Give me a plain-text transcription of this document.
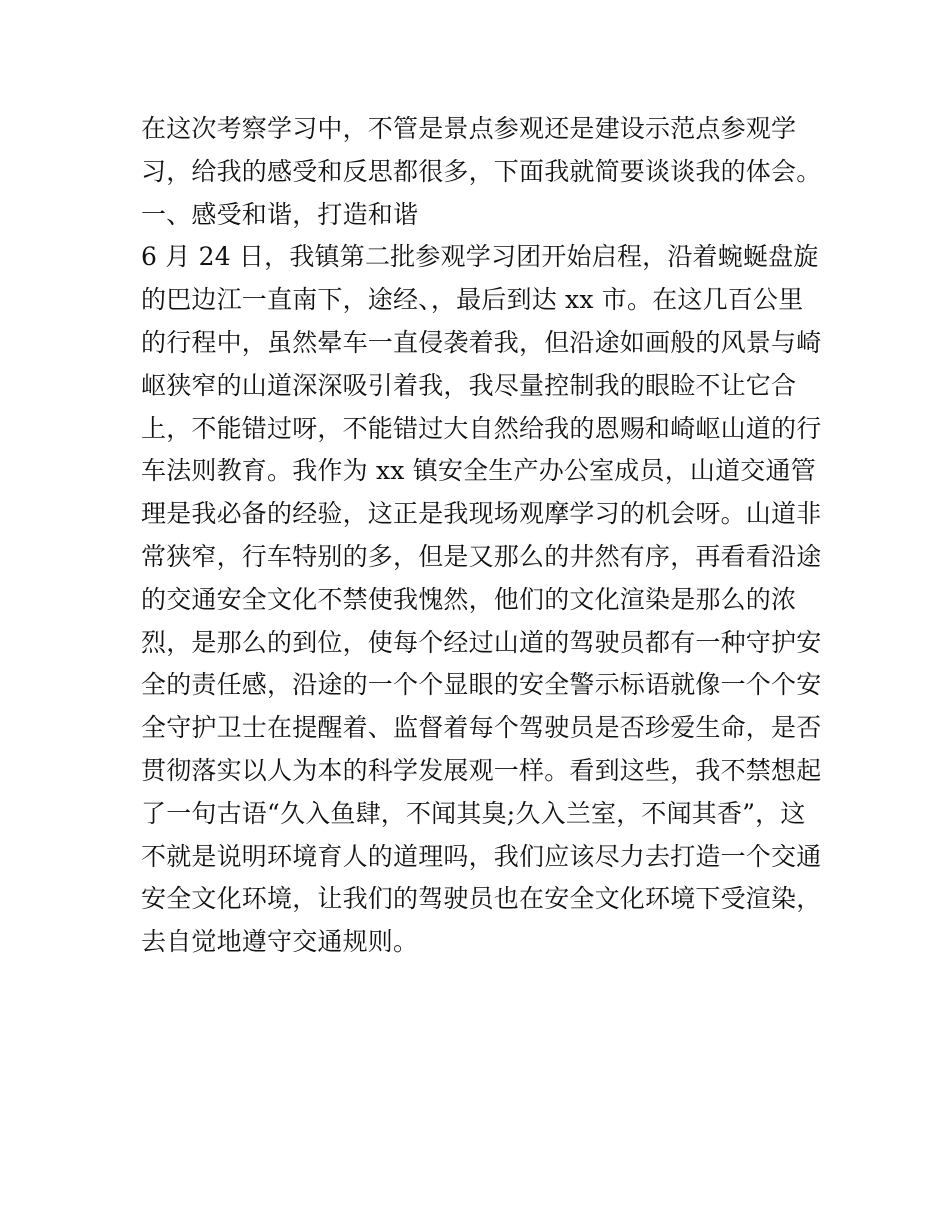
在这次考察学习中，不管是景点参观还是建设示范点参观学
习，给我的感受和反思都很多，下面我就简要谈谈我的体会。
一、感受和谐，打造和谐
6 月 24 日，我镇第二批参观学习团开始启程，沿着蜿蜒盘旋
的巴边江一直南下，途经、，最后到达 xx 市。在这几百公里
的行程中，虽然晕车一直侵袭着我，但沿途如画般的风景与崎
岖狭窄的山道深深吸引着我，我尽量控制我的眼睑不让它合
上，不能错过呀，不能错过大自然给我的恩赐和崎岖山道的行
车法则教育。我作为 xx 镇安全生产办公室成员，山道交通管
理是我必备的经验，这正是我现场观摩学习的机会呀。山道非
常狭窄，行车特别的多，但是又那么的井然有序，再看看沿途
的交通安全文化不禁使我愧然，他们的文化渲染是那么的浓
烈，是那么的到位，使每个经过山道的驾驶员都有一种守护安
全的责任感，沿途的一个个显眼的安全警示标语就像一个个安
全守护卫士在提醒着、监督着每个驾驶员是否珍爱生命，是否
贯彻落实以人为本的科学发展观一样。看到这些，我不禁想起
了一句古语“久入鱼肆，不闻其臭;久入兰室，不闻其香”，这
不就是说明环境育人的道理吗，我们应该尽力去打造一个交通
安全文化环境，让我们的驾驶员也在安全文化环境下受渲染，
去自觉地遵守交通规则。
